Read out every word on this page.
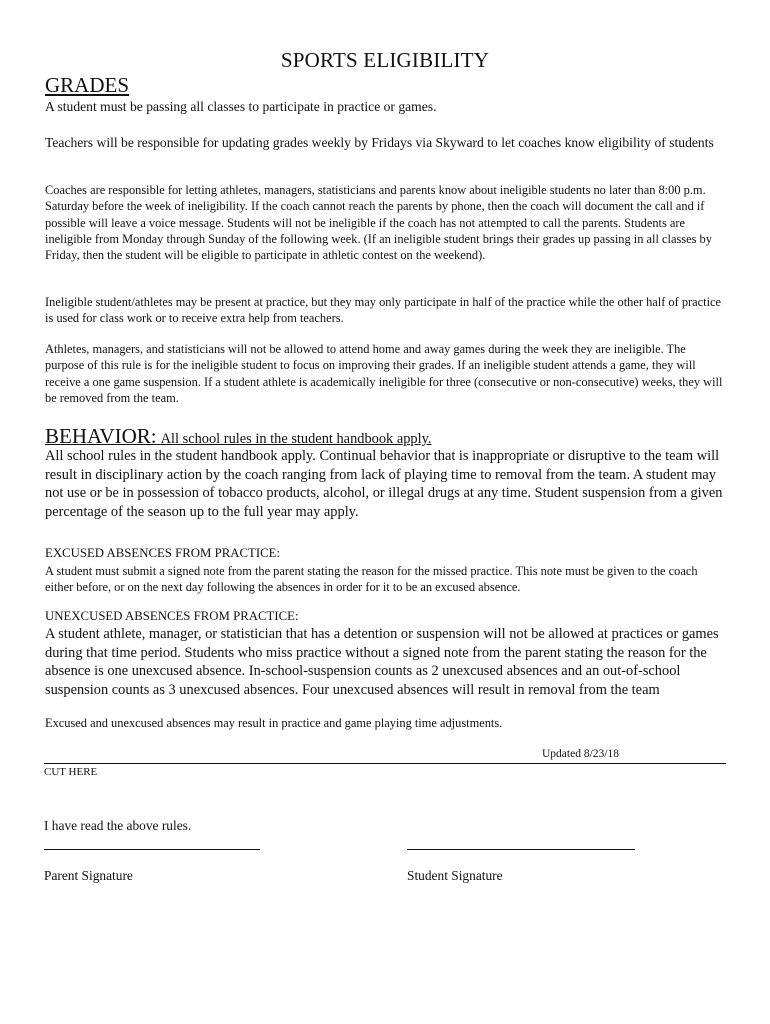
SPORTS ELIGIBILITY
GRADES

A student must be passing all classes to participate in practice or games.

Teachers will be responsible for updating grades weekly by Fridays via Skyward to let coaches know eligibility of students

Coaches are responsible for letting athletes, managers, statisticians and parents know about ineligible students no later than 8:00 p.m. Saturday before the week of ineligibility. If the coach cannot reach the parents by phone, then the coach will document the call and if possible will leave a voice message. Students will not be ineligible if the coach has not attempted to call the parents. Students are ineligible from Monday through Sunday of the following week. (If an ineligible student brings their grades up passing in all classes by Friday, then the student will be eligible to participate in athletic contest on the weekend).

Ineligible student/athletes may be present at practice, but they may only participate in half of the practice while the other half of practice is used for class work or to receive extra help from teachers.

Athletes, managers, and statisticians will not be allowed to attend home and away games during the week they are ineligible. The purpose of this rule is for the ineligible student to focus on improving their grades. If an ineligible student attends a game, they will receive a one game suspension. If a student athlete is academically ineligible for three (consecutive or non-consecutive) weeks, they will be removed from the team.

BEHAVIOR: All school rules in the student handbook apply.

All school rules in the student handbook apply. Continual behavior that is inappropriate or disruptive to the team will result in disciplinary action by the coach ranging from lack of playing time to removal from the team. A student may not use or be in possession of tobacco products, alcohol, or illegal drugs at any time. Student suspension from a given percentage of the season up to the full year may apply.

EXCUSED ABSENCES FROM PRACTICE:

A student must submit a signed note from the parent stating the reason for the missed practice. This note must be given to the coach either before, or on the next day following the absences in order for it to be an excused absence.

UNEXCUSED ABSENCES FROM PRACTICE:

A student athlete, manager, or statistician that has a detention or suspension will not be allowed at practices or games during that time period. Students who miss practice without a signed note from the parent stating the reason for the absence is one unexcused absence. In-school-suspension counts as 2 unexcused absences and an out-of-school suspension counts as 3 unexcused absences. Four unexcused absences will result in removal from the team

Excused and unexcused absences may result in practice and game playing time adjustments.

Updated 8/23/18
CUT HERE
I have read the above rules.
Parent Signature	Student Signature
